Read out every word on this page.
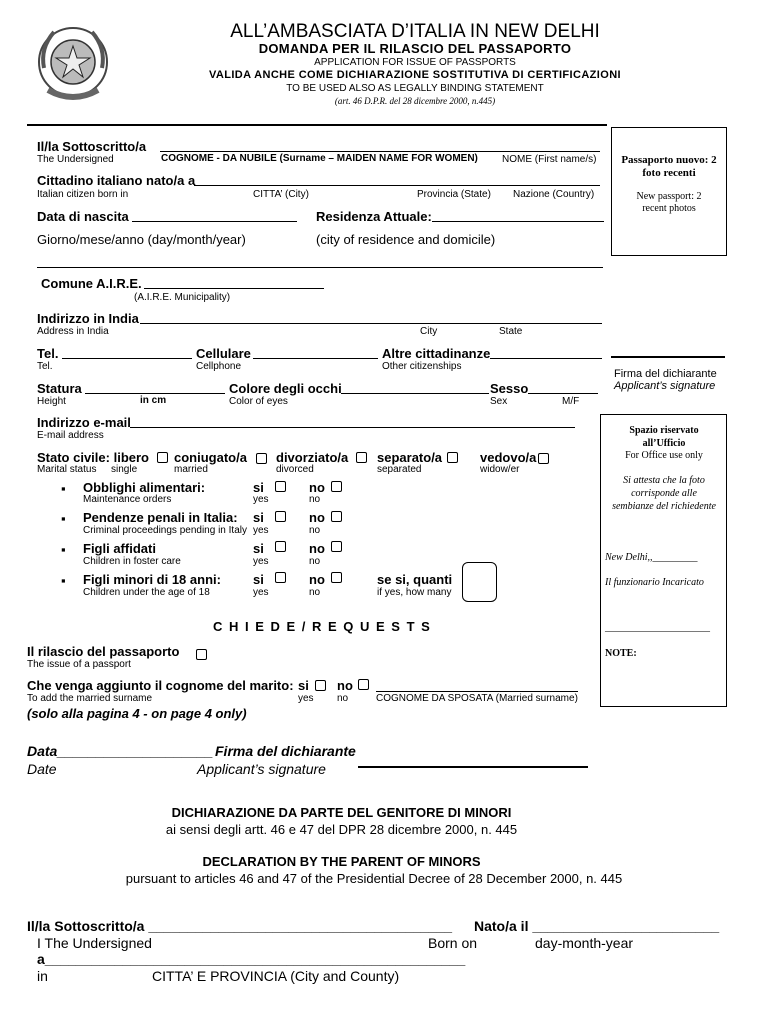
ALL’AMBASCIATA D’ITALIA IN NEW DELHI
DOMANDA PER IL RILASCIO DEL PASSAPORTO
APPLICATION FOR ISSUE OF PASSPORTS
VALIDA ANCHE COME DICHIARAZIONE SOSTITUTIVA DI CERTIFICAZIONI
TO BE USED ALSO AS LEGALLY BINDING STATEMENT
(art. 46 D.P.R. del 28 dicembre 2000, n.445)
Passaporto nuovo: 2 foto recenti
New passport: 2 recent photos
Il/la Sottoscritto/a
The Undersigned	COGNOME - DA NUBILE (Surname – MAIDEN NAME FOR WOMEN) NOME (First name/s)
Cittadino italiano nato/a a
Italian citizen born in	CITTA’ (City)	Provincia (State) Nazione (Country)
Data di nascita	Residenza Attuale:
Giorno/mese/anno (day/month/year)	(city of residence and domicile)
Comune A.I.R.E.
(A.I.R.E. Municipality)
Indirizzo in India
Address in India	City	State
Tel.	Cellulare	Altre cittadinanze
Tel.	Cellphone	Other citizenships
Firma del dichiarante
Applicant’s signature
Statura	Colore degli occhi	Sesso
Height	in cm	Color of eyes	Sex	M/F
Indirizzo e-mail
E-mail address	Spazio riservato all’Ufficio
For Office use only
Si attesta che la foto corrisponde alle sembianze del richiedente
New Delhi,,_________
Il funzionario Incaricato
_____________________
NOTE:
Stato civile: libero coniugato/a divorziato/a separato/a	vedovo/a
Marital status single	married	divorced	separated	widow/er
▪ Obblighi alimentari:
Maintenance orders
si	no
yes	no
▪ Pendenze penali in Italia:
Criminal proceedings pending in Italy
si	no
yes	no
▪ Figli affidati
Children in foster care
si	no
yes	no
▪ Figli minori di 18 anni:
Children under the age of 18
si	no
yes	no
se si, quanti
if yes, how many
C H I E D E / R E Q U E S T S
Il rilascio del passaporto
The issue of a passport
Che venga aggiunto il cognome del marito: si no
To add the married surname	yes no	COGNOME DA SPOSATA (Married surname)
(solo alla pagina 4 - on page 4 only)
Data____________________ Firma del dichiarante
Date	Applicant’s signature
DICHIARAZIONE DA PARTE DEL GENITORE DI MINORI
ai sensi degli artt. 46 e 47 del DPR 28 dicembre 2000, n. 445
DECLARATION BY THE PARENT OF MINORS
pursuant to articles 46 and 47 of the Presidential Decree of 28 December 2000, n. 445
Il/la Sottoscritto/a _______________________________________ Nato/a il ________________________
I The Undersigned	Born on	day-month-year
a______________________________________________________
in	CITTA’ E PROVINCIA (City and County)
